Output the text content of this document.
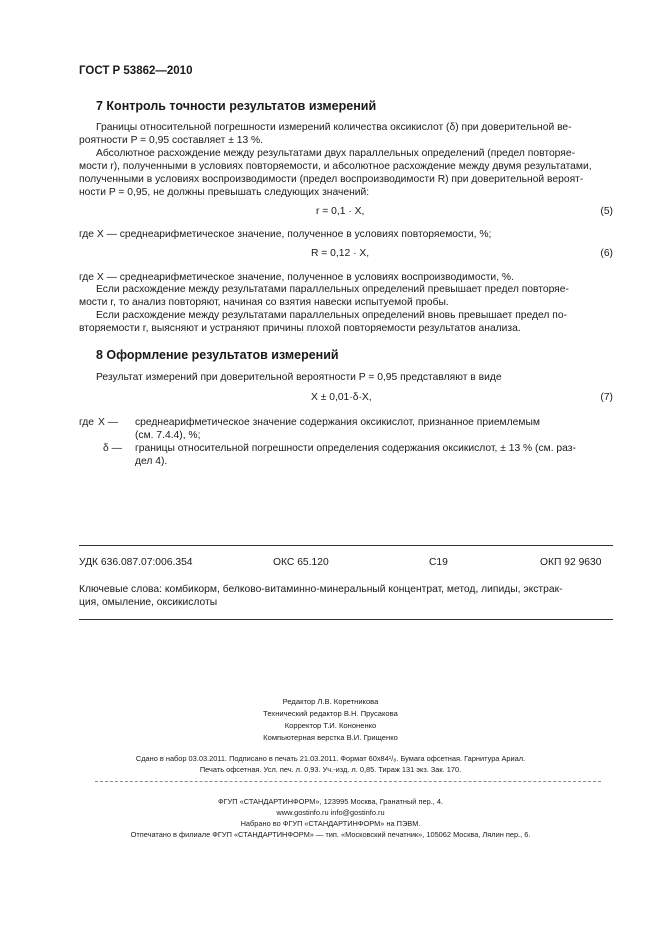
ГОСТ Р 53862—2010
7 Контроль точности результатов измерений
Границы относительной погрешности измерений количества оксикислот (δ) при доверительной ве-
роятности P = 0,95 составляет ± 13 %.
Абсолютное расхождение между результатами двух параллельных определений (предел повторяе-
мости r), полученными в условиях повторяемости, и абсолютное расхождение между двумя результатами,
полученными в условиях воспроизводимости (предел воспроизводимости R) при доверительной вероят-
ности P = 0,95, не должны превышать следующих значений:
r = 0,1 · X,	(5)
где X — среднеарифметическое значение, полученное в условиях повторяемости, %;
R = 0,12 · X,	(6)
где X — среднеарифметическое значение, полученное в условиях воспроизводимости, %.
Если расхождение между результатами параллельных определений превышает предел повторяе-
мости r, то анализ повторяют, начиная со взятия навески испытуемой пробы.
Если расхождение между результатами параллельных определений вновь превышает предел по-
вторяемости r, выясняют и устраняют причины плохой повторяемости результатов анализа.
8 Оформление результатов измерений
Результат измерений при доверительной вероятности P = 0,95 представляют в виде
X ± 0,01·δ·X,	(7)
где X — среднеарифметическое значение содержания оксикислот, признанное приемлемым
(см. 7.4.4), %;
δ — границы относительной погрешности определения содержания оксикислот, ± 13 % (см. раз-
дел 4).
УДК 636.087.07:006.354	ОКС 65.120	С19	ОКП 92 9630
Ключевые слова: комбикорм, белково-витаминно-минеральный концентрат, метод, липиды, экстрак-
ция, омыление, оксикислоты
Редактор Л.В. Коретникова
Технический редактор В.Н. Прусакова
Корректор Т.И. Кононенко
Компьютерная верстка В.И. Грищенко
Сдано в набор 03.03.2011. Подписано в печать 21.03.2011. Формат 60x84¹/₈. Бумага офсетная. Гарнитура Ариал.
Печать офсетная. Усл. печ. л. 0,93. Уч.-изд. л. 0,85. Тираж 131 экз. Зак. 170.
ФГУП «СТАНДАРТИНФОРМ», 123995 Москва, Гранатный пер., 4.
www.gostinfo.ru info@gostinfo.ru
Набрано во ФГУП «СТАНДАРТИНФОРМ» на ПЭВМ.
Отпечатано в филиале ФГУП «СТАНДАРТИНФОРМ» — тип. «Московский печатник», 105062 Москва, Лялин пер., 6.
